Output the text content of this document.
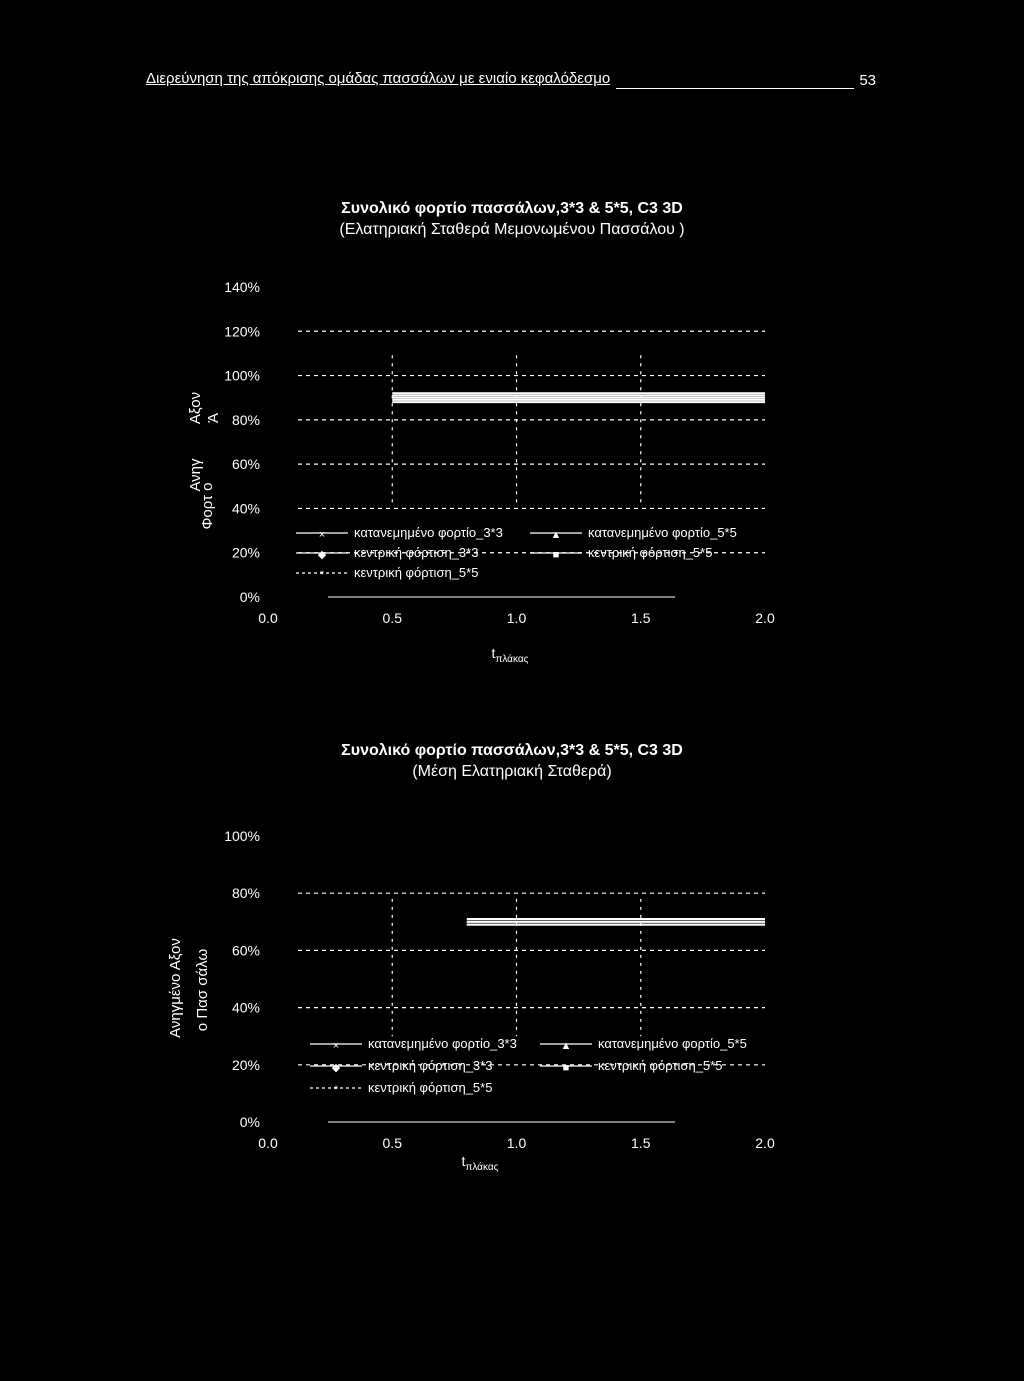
Διερεύνηση της απόκρισης ομάδας πασσάλων με ενιαίο κεφαλόδεσμο	53
Συνολικό φορτίο πασσάλων,3*3 & 5*5, C3 3D
(Ελατηριακή Σταθερά Μεμονωμένου Πασσάλου )
0%
20%
40%
60%
80%
100%
120%
140%
0.0	0.5	1.0	1.5	2.0
$t_{\pi\lambda ά\kappa\alpha\varsigma}$
Ανηγ
Φορτ ο
Αξον Ά
× κατανεμημένο φορτίο_3*3	▲ κατανεμημένο φορτίο_5*5
◆ κεντρική φόρτιση_3*3	■ κεντρική φόρτιση_5*5
* κεντρική φόρτιση_5*5
Συνολικό φορτίο πασσάλων,3*3 & 5*5, C3 3D
(Μέση Ελατηριακή Σταθερά)
0%
20%
40%
60%
80%
100%
0.0	0.5	1.0	1.5	2.0
$t_{\pi\lambda ά\kappa\alpha\varsigma}$
Ανηγμένο Αξον ο Πασ σάλω
× κατανεμημένο φορτίο_3*3	▲ κατανεμημένο φορτίο_5*5
◆ κεντρική φόρτιση_3*3	■ κεντρική φόρτιση_5*5
* κεντρική φόρτιση_5*5
